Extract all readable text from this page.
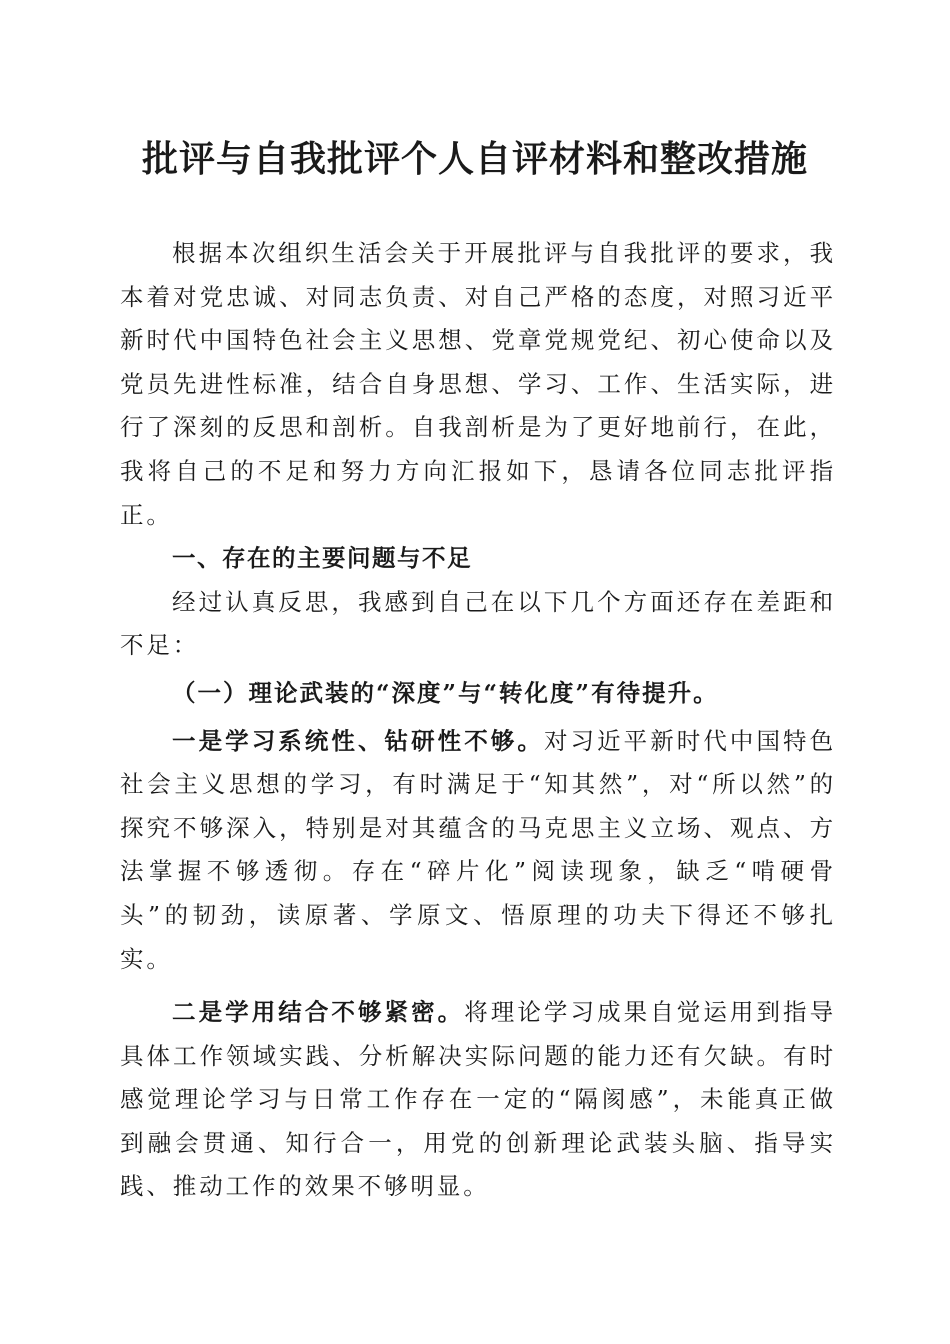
批评与自我批评个人自评材料和整改措施

根据本次组织生活会关于开展批评与自我批评的要求，我本着对党忠诚、对同志负责、对自己严格的态度，对照习近平新时代中国特色社会主义思想、党章党规党纪、初心使命以及党员先进性标准，结合自身思想、学习、工作、生活实际，进行了深刻的反思和剖析。自我剖析是为了更好地前行，在此，我将自己的不足和努力方向汇报如下，恳请各位同志批评指正。

一、存在的主要问题与不足

经过认真反思，我感到自己在以下几个方面还存在差距和不足：

（一）理论武装的“深度”与“转化度”有待提升。

一是学习系统性、钻研性不够。对习近平新时代中国特色社会主义思想的学习，有时满足于“知其然”，对“所以然”的探究不够深入，特别是对其蕴含的马克思主义立场、观点、方法掌握不够透彻。存在“碎片化”阅读现象，缺乏“啃硬骨头”的韧劲，读原著、学原文、悟原理的功夫下得还不够扎实。

二是学用结合不够紧密。将理论学习成果自觉运用到指导具体工作领域实践、分析解决实际问题的能力还有欠缺。有时感觉理论学习与日常工作存在一定的“隔阂感”，未能真正做到融会贯通、知行合一，用党的创新理论武装头脑、指导实践、推动工作的效果不够明显。
